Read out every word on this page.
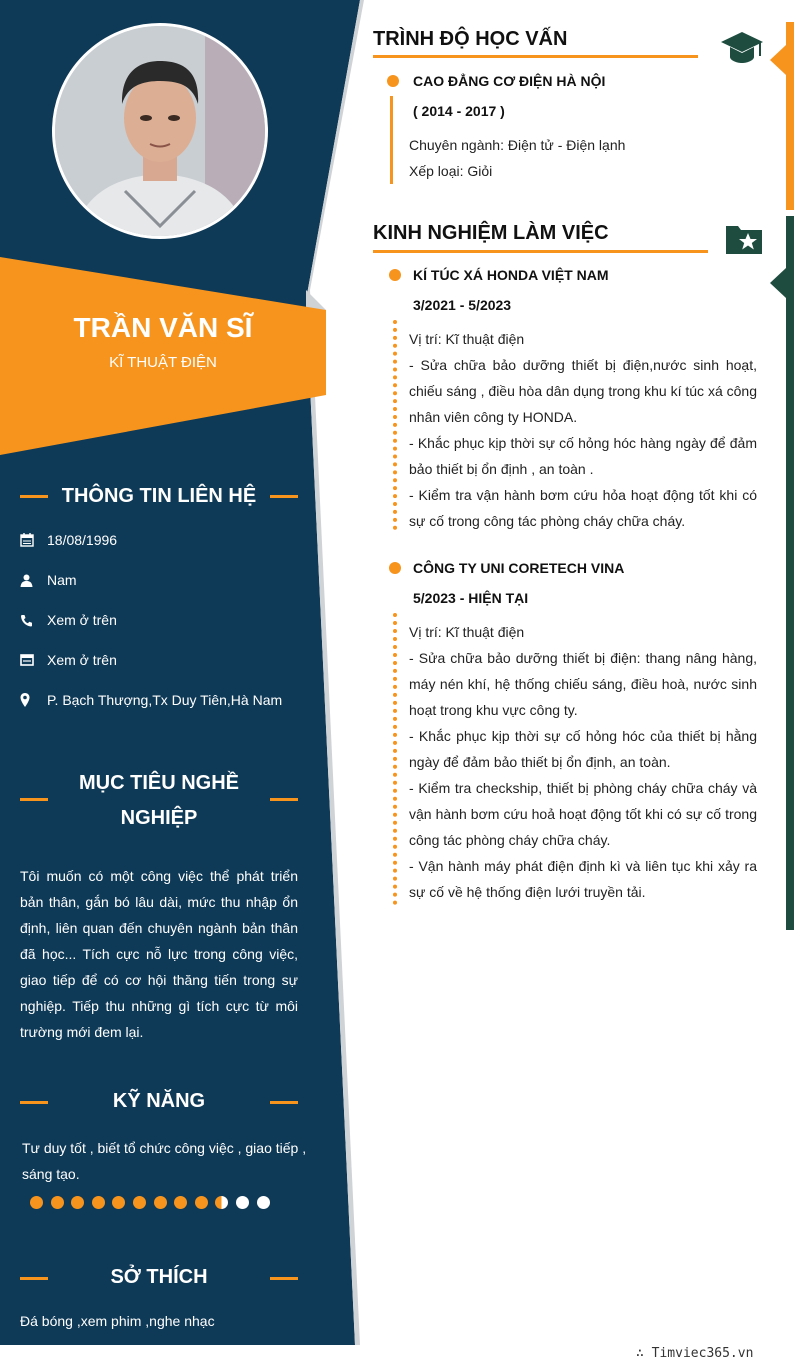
TRẦN VĂN SĨ
KĨ THUẬT ĐIỆN
THÔNG TIN LIÊN HỆ
18/08/1996
Nam
Xem ở trên
Xem ở trên
P. Bạch Thượng,Tx Duy Tiên,Hà Nam
MỤC TIÊU NGHỀ
NGHIỆP
Tôi muốn có một công việc thể phát triển bản thân, gắn bó lâu dài, mức thu nhập ổn định, liên quan đến chuyên ngành bản thân đã học... Tích cực nỗ lực trong công việc, giao tiếp để có cơ hội thăng tiến trong sự nghiệp. Tiếp thu những gì tích cực từ môi trường mới đem lại.
KỸ NĂNG
Tư duy tốt , biết tổ chức công việc , giao tiếp , sáng tạo.
SỞ THÍCH
Đá bóng ,xem phim ,nghe nhạc
TRÌNH ĐỘ HỌC VẤN
CAO ĐẲNG CƠ ĐIỆN HÀ NỘI
( 2014 - 2017 )
Chuyên ngành: Điện tử - Điện lạnh
Xếp loại: Giỏi
KINH NGHIỆM LÀM VIỆC
KÍ TÚC XÁ HONDA VIỆT NAM
3/2021 - 5/2023
Vị trí: Kĩ thuật điện
- Sửa chữa bảo dưỡng thiết bị điện,nước sinh hoạt, chiếu sáng , điều hòa dân dụng trong khu kí túc xá công nhân viên công ty HONDA.
- Khắc phục kịp thời sự cố hỏng hóc hàng ngày để đảm bảo thiết bị ổn định , an toàn .
- Kiểm tra vận hành bơm cứu hỏa hoạt động tốt khi có sự cố trong công tác phòng cháy chữa cháy.
CÔNG TY UNI CORETECH VINA
5/2023 - HIỆN TẠI
Vị trí: Kĩ thuật điện
- Sửa chữa bảo dưỡng thiết bị điện: thang nâng hàng, máy nén khí, hệ thống chiếu sáng, điều hoà, nước sinh hoạt trong khu vực công ty.
- Khắc phục kịp thời sự cố hỏng hóc của thiết bị hằng ngày để đảm bảo thiết bị ổn định, an toàn.
- Kiểm tra checkship, thiết bị phòng cháy chữa cháy và vận hành bơm cứu hoả hoạt động tốt khi có sự cố trong công tác phòng cháy chữa cháy.
- Vận hành máy phát điện định kì và liên tục khi xảy ra sự cố về hệ thống điện lưới truyền tải.
∴ Timviec365.vn
